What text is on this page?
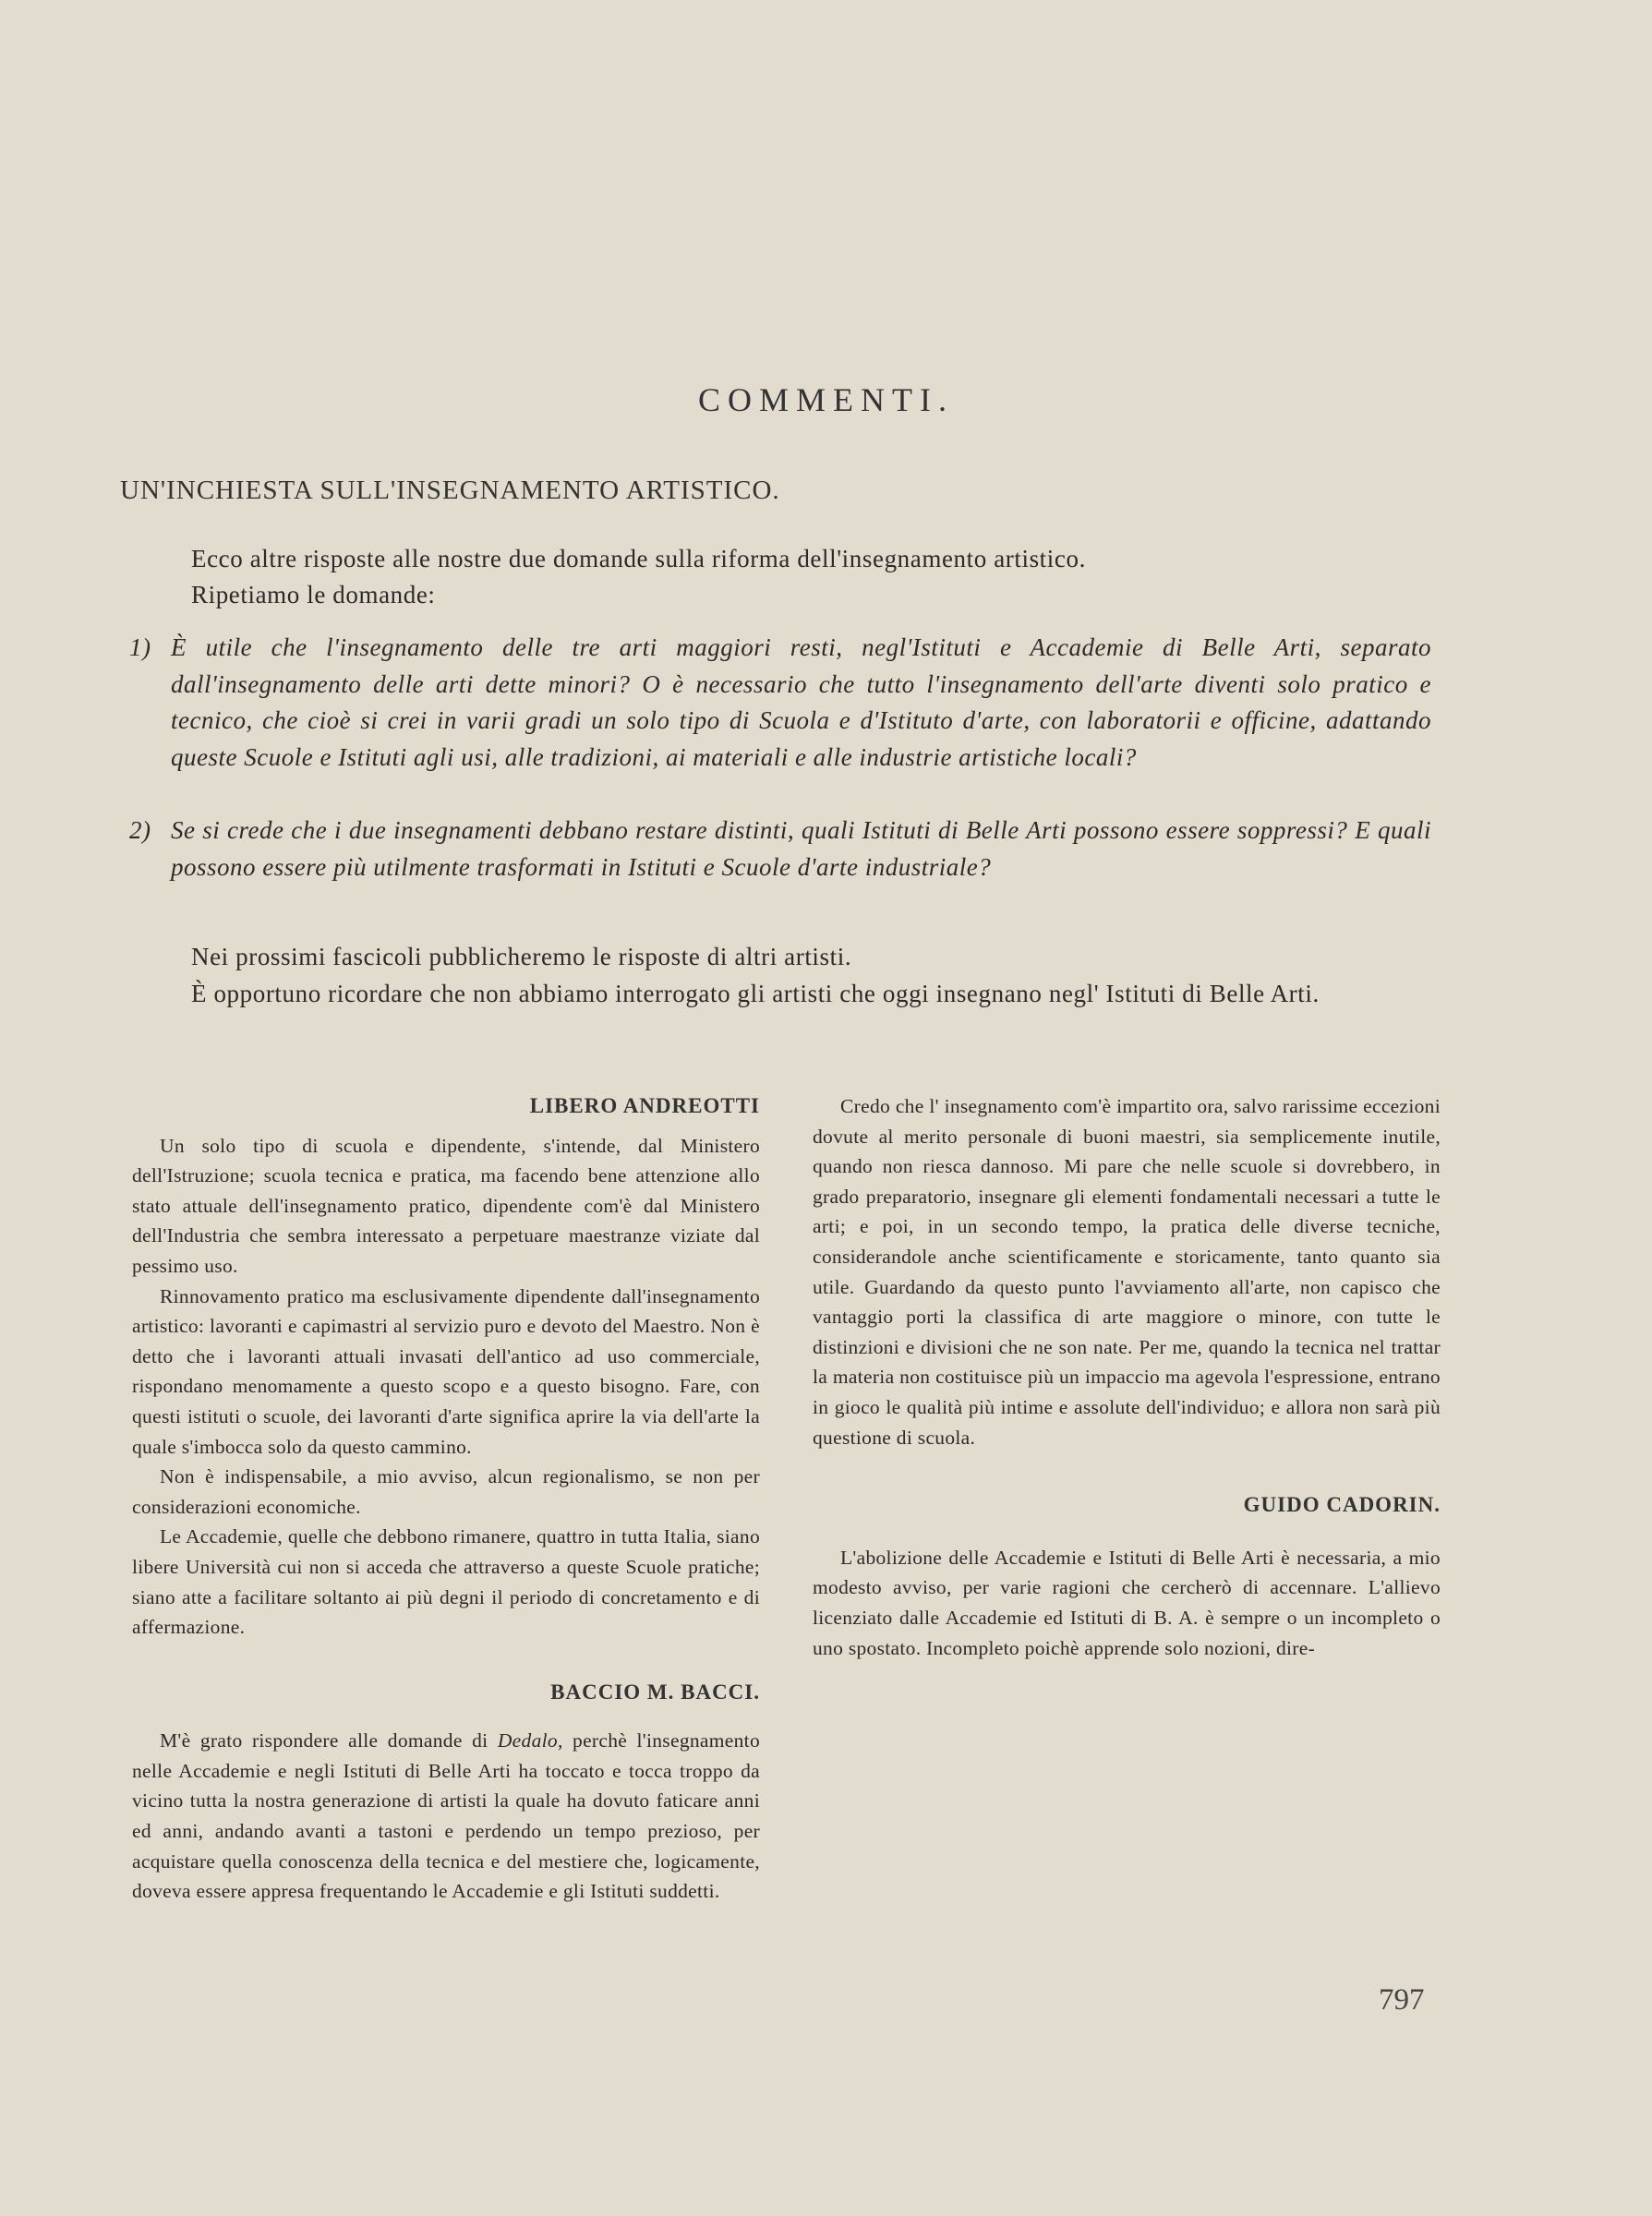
COMMENTI.
UN'INCHIESTA SULL'INSEGNAMENTO ARTISTICO.

Ecco altre risposte alle nostre due domande sulla riforma dell'insegnamento artistico.

Ripetiamo le domande:

1) È utile che l'insegnamento delle tre arti maggiori resti, negl'Istituti e Accademie di Belle Arti, separato dall'insegnamento delle arti dette minori? O è necessario che tutto l'insegnamento dell'arte diventi solo pratico e tecnico, che cioè si crei in varii gradi un solo tipo di Scuola e d'Istituto d'arte, con laboratorii e officine, adattando queste Scuole e Istituti agli usi, alle tradizioni, ai materiali e alle industrie artistiche locali?
2) Se si crede che i due insegnamenti debbano restare distinti, quali Istituti di Belle Arti possono essere soppressi? E quali possono essere più utilmente trasformati in Istituti e Scuole d'arte industriale?

Nei prossimi fascicoli pubblicheremo le risposte di altri artisti.

È opportuno ricordare che non abbiamo interrogato gli artisti che oggi insegnano negl' Istituti di Belle Arti.

LIBERO ANDREOTTI

Un solo tipo di scuola e dipendente, s'intende, dal Ministero dell'Istruzione; scuola tecnica e pratica, ma facendo bene attenzione allo stato attuale dell'insegnamento pratico, dipendente com'è dal Ministero dell'Industria che sembra interessato a perpetuare maestranze viziate dal pessimo uso.

Rinnovamento pratico ma esclusivamente dipendente dall'insegnamento artistico: lavoranti e capimastri al servizio puro e devoto del Maestro. Non è detto che i lavoranti attuali invasati dell'antico ad uso commerciale, rispondano menomamente a questo scopo e a questo bisogno. Fare, con questi istituti o scuole, dei lavoranti d'arte significa aprire la via dell'arte la quale s'imbocca solo da questo cammino.

Non è indispensabile, a mio avviso, alcun regionalismo, se non per considerazioni economiche.

Le Accademie, quelle che debbono rimanere, quattro in tutta Italia, siano libere Università cui non si acceda che attraverso a queste Scuole pratiche; siano atte a facilitare soltanto ai più degni il periodo di concretamento e di affermazione.

BACCIO M. BACCI.

M'è grato rispondere alle domande di Dedalo, perchè l'insegnamento nelle Accademie e negli Istituti di Belle Arti ha toccato e tocca troppo da vicino tutta la nostra generazione di artisti la quale ha dovuto faticare anni ed anni, andando avanti a tastoni e perdendo un tempo prezioso, per acquistare quella conoscenza della tecnica e del mestiere che, logicamente, doveva essere appresa frequentando le Accademie e gli Istituti suddetti.

Credo che l' insegnamento com'è impartito ora, salvo rarissime eccezioni dovute al merito personale di buoni maestri, sia semplicemente inutile, quando non riesca dannoso. Mi pare che nelle scuole si dovrebbero, in grado preparatorio, insegnare gli elementi fondamentali necessari a tutte le arti; e poi, in un secondo tempo, la pratica delle diverse tecniche, considerandole anche scientificamente e storicamente, tanto quanto sia utile. Guardando da questo punto l'avviamento all'arte, non capisco che vantaggio porti la classifica di arte maggiore o minore, con tutte le distinzioni e divisioni che ne son nate. Per me, quando la tecnica nel trattar la materia non costituisce più un impaccio ma agevola l'espressione, entrano in gioco le qualità più intime e assolute dell'individuo; e allora non sarà più questione di scuola.

GUIDO CADORIN.

L'abolizione delle Accademie e Istituti di Belle Arti è necessaria, a mio modesto avviso, per varie ragioni che cercherò di accennare. L'allievo licenziato dalle Accademie ed Istituti di B. A. è sempre o un incompleto o uno spostato. Incompleto poichè apprende solo nozioni, dire-

797
